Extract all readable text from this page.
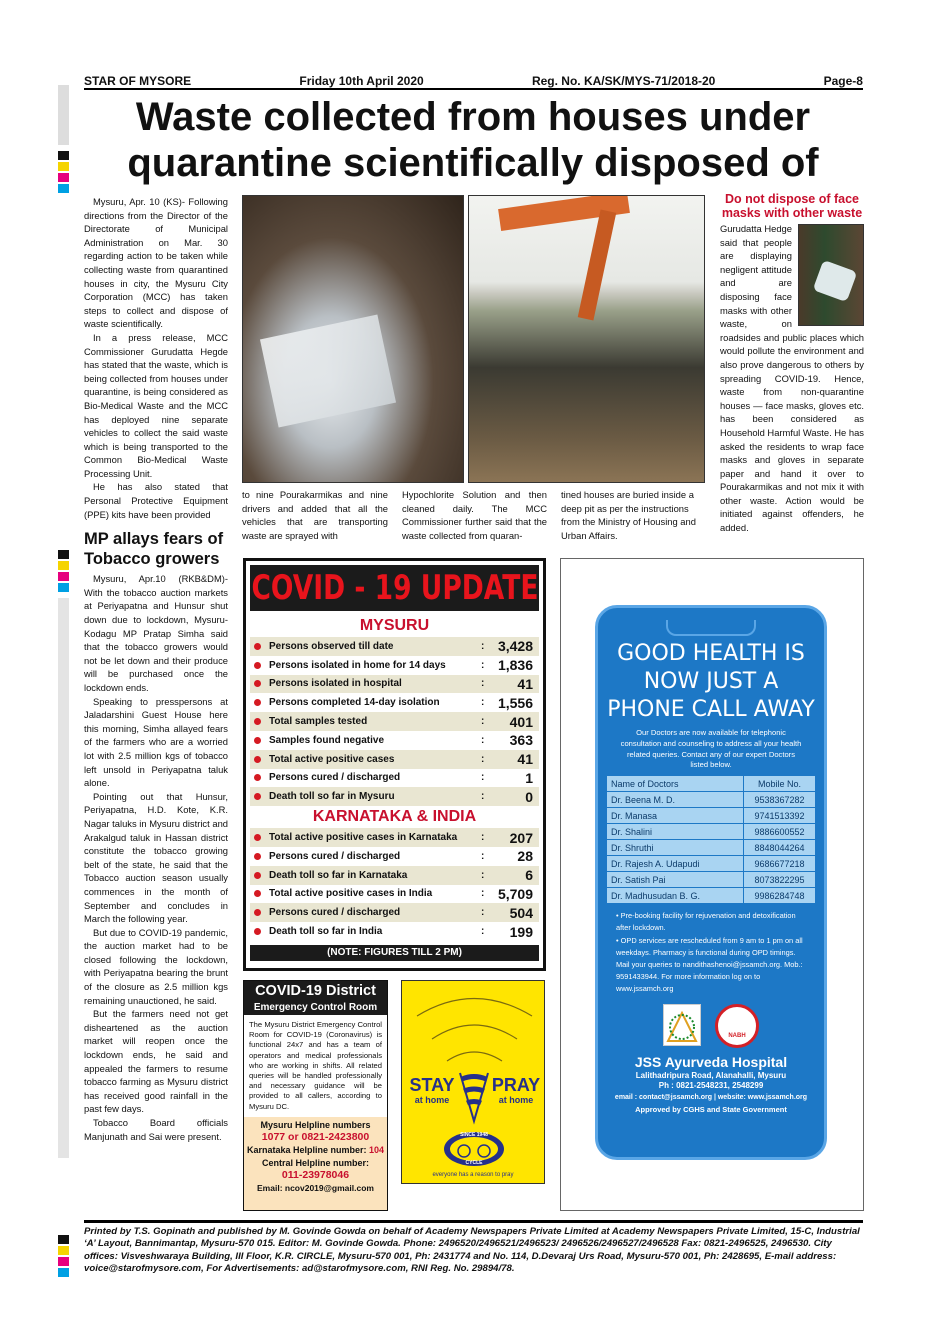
STAR OF MYSORE	Friday 10th April 2020	Reg. No. KA/SK/MYS-71/2018-20	Page-8
Waste collected from houses under
quarantine scientifically disposed of

Mysuru, Apr. 10 (KS)- Following directions from the Director of the Directorate of Municipal Administration on Mar. 30 regarding action to be taken while collecting waste from quarantined houses in city, the Mysuru City Corporation (MCC) has taken steps to collect and dispose of waste scientifically.

In a press release, MCC Commissioner Gurudatta Hegde has stated that the waste, which is being collected from houses under quarantine, is being considered as Bio-Medical Waste and the MCC has deployed nine separate vehicles to collect the said waste which is being transported to the Common Bio-Medical Waste Processing Unit.

He has also stated that Personal Protective Equipment (PPE) kits have been provided

MP allays fears of Tobacco growers

Mysuru, Apr.10 (RKB&DM)- With the tobacco auction markets at Periyapatna and Hunsur shut down due to lockdown, Mysuru-Kodagu MP Pratap Simha said that the tobacco growers would not be let down and their produce will be purchased once the lockdown ends.

Speaking to presspersons at Jaladarshini Guest House here this morning, Simha allayed fears of the farmers who are a worried lot with 2.5 million kgs of tobacco left unsold in Periyapatna taluk alone.

Pointing out that Hunsur, Periyapatna, H.D. Kote, K.R. Nagar taluks in Mysuru district and Arakalgud taluk in Hassan district constitute the tobacco growing belt of the state, he said that the Tobacco auction season usually commences in the month of September and concludes in March the following year.

But due to COVID-19 pandemic, the auction market had to be closed following the lockdown, with Periyapatna bearing the brunt of the closure as 2.5 million kgs remaining unauctioned, he said.

But the farmers need not get disheartened as the auction market will reopen once the lockdown ends, he said and appealed the farmers to resume tobacco farming as Mysuru district has received good rainfall in the past few days.

Tobacco Board officials Manjunath and Sai were present.

to nine Pourakarmikas and nine drivers and added that all the vehicles that are transporting waste are sprayed with
Hypochlorite Solution and then cleaned daily. The MCC Commissioner further said that the waste collected from quaran-
tined houses are buried inside a deep pit as per the instructions from the Ministry of Housing and Urban Affairs.
Do not dispose of face masks with other waste
Gurudatta Hedge said that people are displaying negligent attitude and are disposing face masks with other waste, on roadsides and public places which would pollute the environment and also prove dangerous to others by spreading COVID-19. Hence, waste from non-quarantine houses — face masks, gloves etc. has been considered as Household Harmful Waste. He has asked the residents to wrap face masks and gloves in separate paper and hand it over to Pourakarmikas and not mix it with other waste. Action would be initiated against offenders, he added.
COVID - 19 UPDATE
MYSURU
Persons observed till date	: 3,428
Persons isolated in home for 14 days	: 1,836
Persons isolated in hospital	:	41
Persons completed 14-day isolation	: 1,556
Total samples tested	:	401
Samples found negative	:	363
Total active positive cases	:	41
Persons cured / discharged	:	1
Death toll so far in Mysuru	:	0
KARNATAKA & INDIA
Total active positive cases in Karnataka	:	207
Persons cured / discharged	:	28
Death toll so far in Karnataka	:	6
Total active positive cases in India	: 5,709
Persons cured / discharged	:	504
Death toll so far in India	:	199
(NOTE: FIGURES TILL 2 PM)
COVID-19 District
Emergency Control Room
The Mysuru District Emergency Control Room for COVID-19 (Coronavirus) is functional 24x7 and has a team of operators and medical professionals who are working in shifts. All related queries will be handled professionally and necessary guidance will be provided to all callers, according to Mysuru DC.
Mysuru Helpline numbers
1077 or 0821-2423800
Karnataka Helpline number: 104
Central Helpline number:
011-23978046
Email: ncov2019@gmail.com
STAY
at home
PRAY
at home
SINCE 1948
CYCLE
everyone has a reason to pray
GOOD HEALTH IS
NOW JUST A
PHONE CALL AWAY
Our Doctors are now available for telephonic consultation and counseling to address all your health related queries. Contact any of our expert Doctors listed below.
Name of Doctors	Mobile No.
Dr. Beena M. D.	9538367282
Dr. Manasa	9741513392
Dr. Shalini	9886600552
Dr. Shruthi	8848044264
Dr. Rajesh A. Udapudi	9686677218
Dr. Satish Pai	8073822295
Dr. Madhusudan B. G.	9986284748
• Pre-booking facility for rejuvenation and detoxification after lockdown.
• OPD services are rescheduled from 9 am to 1 pm on all weekdays. Pharmacy is functional during OPD timings.
Mail your queries to nandithashenoi@jssamch.org. Mob.: 9591433944. For more information log on to www.jssamch.org
NABH
JSS Ayurveda Hospital
Lalithadripura Road, Alanahalli, Mysuru
Ph : 0821-2548231, 2548299
email : contact@jssamch.org | website: www.jssamch.org
Approved by CGHS and State Government
Printed by T.S. Gopinath and published by M. Govinde Gowda on behalf of Academy Newspapers Private Limited at Academy Newspapers Private Limited, 15-C, Industrial ‘A’ Layout, Bannimantap, Mysuru-570 015. Editor: M. Govinde Gowda. Phone: 2496520/2496521/2496523/ 2496526/2496527/2496528 Fax: 0821-2496525, 2496530. City offices: Visveshwaraya Building, III Floor, K.R. CIRCLE, Mysuru-570 001, Ph: 2431774 and No. 114, D.Devaraj Urs Road, Mysuru-570 001, Ph: 2428695, E-mail address: voice@starofmysore.com, For Advertisements: ad@starofmysore.com, RNI Reg. No. 29894/78.
